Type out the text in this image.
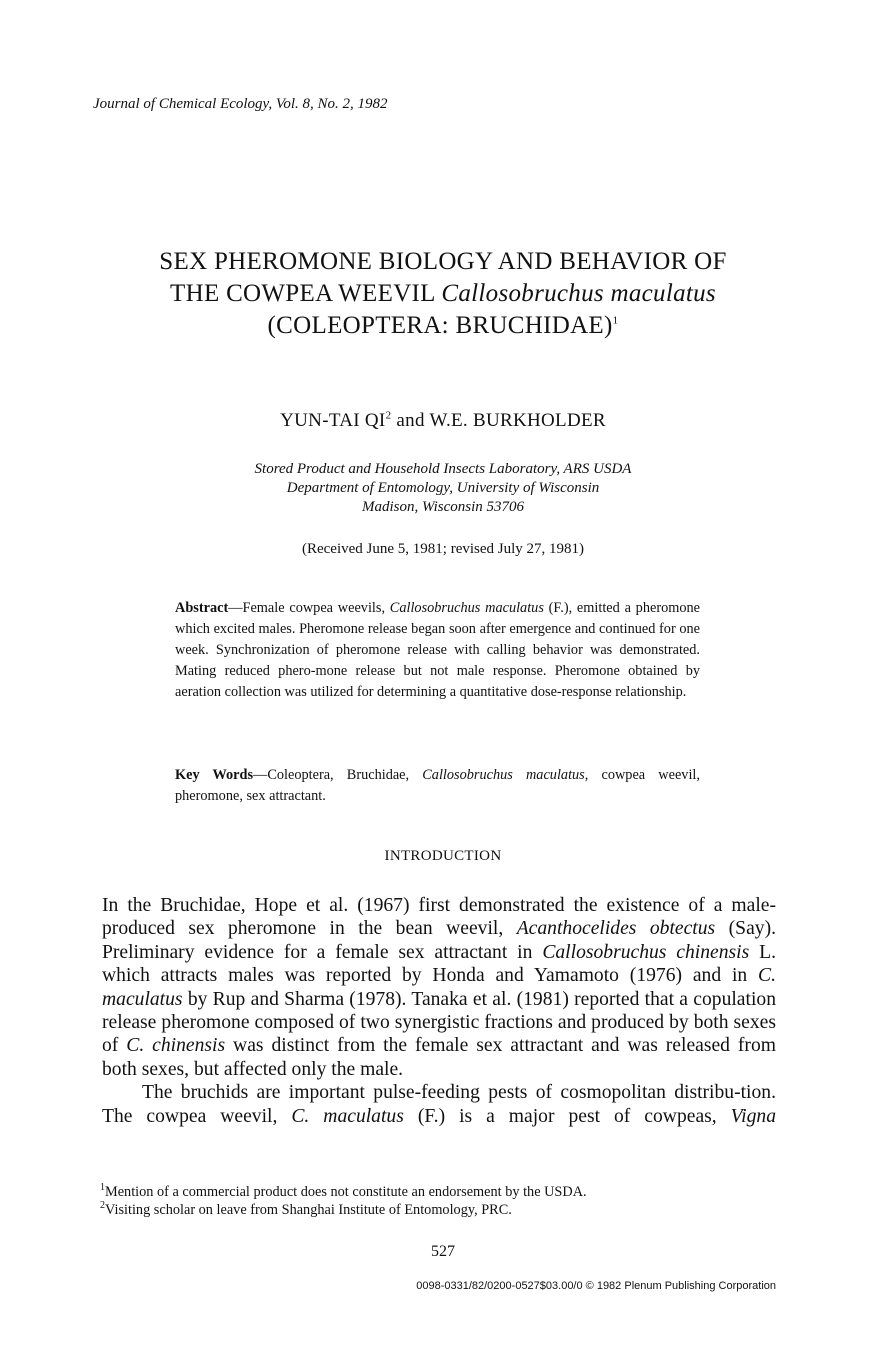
Journal of Chemical Ecology, Vol. 8, No. 2, 1982
SEX PHEROMONE BIOLOGY AND BEHAVIOR OF
THE COWPEA WEEVIL Callosobruchus maculatus
(COLEOPTERA: BRUCHIDAE)$^1$
YUN-TAI $QI^2$ and W.E. BURKHOLDER
Stored Product and Household Insects Laboratory, ARS USDA
Department of Entomology, University of Wisconsin
Madison, Wisconsin 53706
(Received June 5, 1981; revised July 27, 1981)
Abstract—Female cowpea weevils, Callosobruchus maculatus (F.), emitted a pheromone which excited males. Pheromone release began soon after emergence and continued for one week. Synchronization of pheromone release with calling behavior was demonstrated. Mating reduced phero-mone release but not male response. Pheromone obtained by aeration collection was utilized for determining a quantitative dose-response relationship.
Key Words—Coleoptera, Bruchidae, Callosobruchus maculatus, cowpea weevil, pheromone, sex attractant.
INTRODUCTION

In the Bruchidae, Hope et al. (1967) first demonstrated the existence of a male-produced sex pheromone in the bean weevil, Acanthocelides obtectus (Say). Preliminary evidence for a female sex attractant in Callosobruchus chinensis L. which attracts males was reported by Honda and Yamamoto (1976) and in C. maculatus by Rup and Sharma (1978). Tanaka et al. (1981) reported that a copulation release pheromone composed of two synergistic fractions and produced by both sexes of C. chinensis was distinct from the female sex attractant and was released from both sexes, but affected only the male.

The bruchids are important pulse-feeding pests of cosmopolitan distribu-tion. The cowpea weevil, C. maculatus (F.) is a major pest of cowpeas, Vigna

$^1$Mention of a commercial product does not constitute an endorsement by the USDA.
$^2$Visiting scholar on leave from Shanghai Institute of Entomology, PRC.
527
0098-0331/82/0200-0527$03.00/0 © 1982 Plenum Publishing Corporation
